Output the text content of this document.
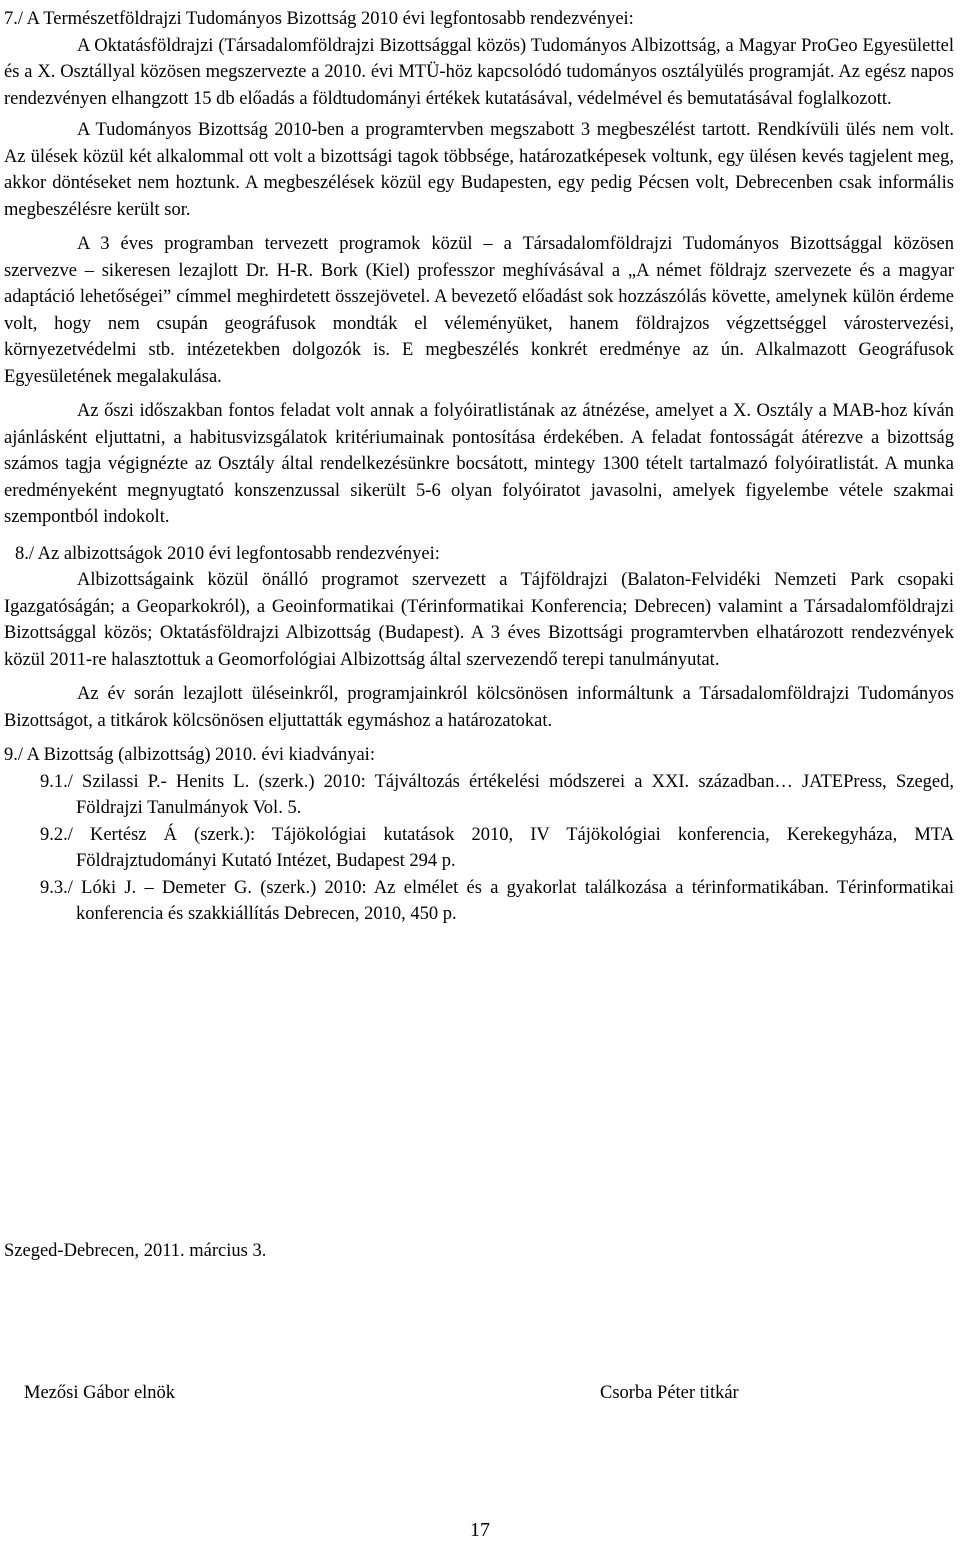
7./ A Természetföldrajzi Tudományos Bizottság 2010 évi legfontosabb rendezvényei:

A Oktatásföldrajzi (Társadalomföldrajzi Bizottsággal közös) Tudományos Albizottság, a Magyar ProGeo Egyesülettel és a X. Osztállyal közösen megszervezte a 2010. évi MTÜ-höz kapcsolódó tudományos osztályülés programját. Az egész napos rendezvényen elhangzott 15 db előadás a földtudományi értékek kutatásával, védelmével és bemutatásával foglalkozott.

A Tudományos Bizottság 2010-ben a programtervben megszabott 3 megbeszélést tartott. Rendkívüli ülés nem volt. Az ülések közül két alkalommal ott volt a bizottsági tagok többsége, határozatképesek voltunk, egy ülésen kevés tagjelent meg, akkor döntéseket nem hoztunk. A megbeszélések közül egy Budapesten, egy pedig Pécsen volt, Debrecenben csak informális megbeszélésre került sor.

A 3 éves programban tervezett programok közül – a Társadalomföldrajzi Tudományos Bizottsággal közösen szervezve – sikeresen lezajlott Dr. H-R. Bork (Kiel) professzor meghívásával a „A német földrajz szervezete és a magyar adaptáció lehetőségei” címmel meghirdetett összejövetel. A bevezető előadást sok hozzászólás követte, amelynek külön érdeme volt, hogy nem csupán geográfusok mondták el véleményüket, hanem földrajzos végzettséggel várostervezési, környezetvédelmi stb. intézetekben dolgozók is. E megbeszélés konkrét eredménye az ún. Alkalmazott Geográfusok Egyesületének megalakulása.

Az őszi időszakban fontos feladat volt annak a folyóiratlistának az átnézése, amelyet a X. Osztály a MAB-hoz kíván ajánlásként eljuttatni, a habitusvizsgálatok kritériumainak pontosítása érdekében. A feladat fontosságát átérezve a bizottság számos tagja végignézte az Osztály által rendelkezésünkre bocsátott, mintegy 1300 tételt tartalmazó folyóiratlistát. A munka eredményeként megnyugtató konszenzussal sikerült 5-6 olyan folyóiratot javasolni, amelyek figyelembe vétele szakmai szempontból indokolt.

8./ Az albizottságok 2010 évi legfontosabb rendezvényei:

Albizottságaink közül önálló programot szervezett a Tájföldrajzi (Balaton-Felvidéki Nemzeti Park csopaki Igazgatóságán; a Geoparkokról), a Geoinformatikai (Térinformatikai Konferencia; Debrecen) valamint a Társadalomföldrajzi Bizottsággal közös; Oktatásföldrajzi Albizottság (Budapest). A 3 éves Bizottsági programtervben elhatározott rendezvények közül 2011-re halasztottuk a Geomorfológiai Albizottság által szervezendő terepi tanulmányutat.

Az év során lezajlott üléseinkről, programjainkról kölcsönösen informáltunk a Társadalomföldrajzi Tudományos Bizottságot, a titkárok kölcsönösen eljuttatták egymáshoz a határozatokat.

9./ A Bizottság (albizottság) 2010. évi kiadványai:

9.1./ Szilassi P.- Henits L. (szerk.) 2010: Tájváltozás értékelési módszerei a XXI. században… JATEPress, Szeged, Földrajzi Tanulmányok Vol. 5.

9.2./ Kertész Á (szerk.): Tájökológiai kutatások 2010, IV Tájökológiai konferencia, Kerekegyháza, MTA Földrajztudományi Kutató Intézet, Budapest 294 p.

9.3./ Lóki J. – Demeter G. (szerk.) 2010: Az elmélet és a gyakorlat találkozása a térinformatikában. Térinformatikai konferencia és szakkiállítás Debrecen, 2010, 450 p.

Szeged-Debrecen, 2011. március 3.
Mezősi Gábor elnök	Csorba Péter titkár
17
